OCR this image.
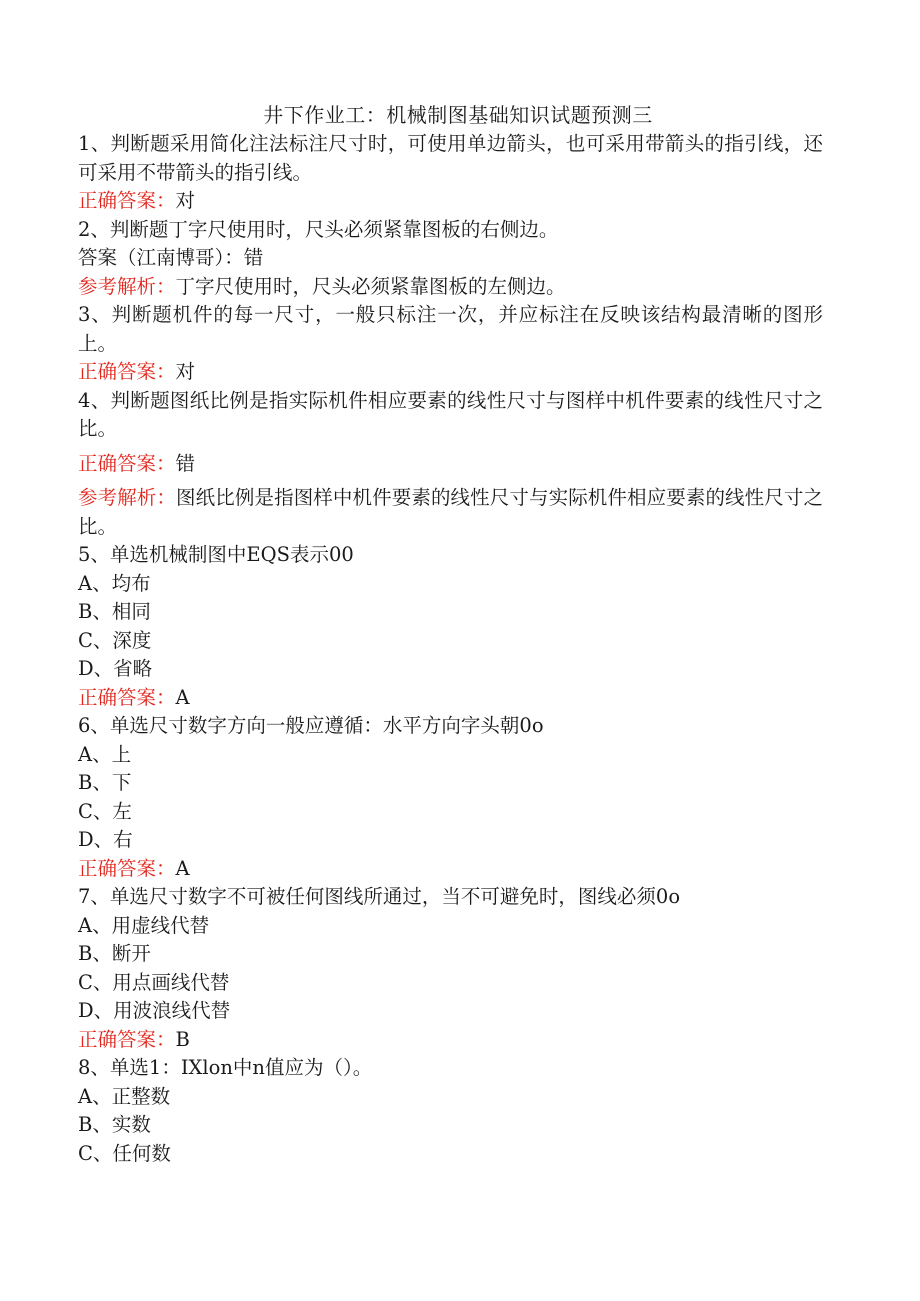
井下作业工：机械制图基础知识试题预测三

1、判断题采用简化注法标注尺寸时，可使用单边箭头，也可采用带箭头的指引线，还可采用不带箭头的指引线。

正确答案：对

2、判断题丁字尺使用时，尺头必须紧靠图板的右侧边。

答案（江南博哥）：错

参考解析：丁字尺使用时，尺头必须紧靠图板的左侧边。

3、判断题机件的每一尺寸，一般只标注一次，并应标注在反映该结构最清晰的图形上。

正确答案：对

4、判断题图纸比例是指实际机件相应要素的线性尺寸与图样中机件要素的线性尺寸之比。

正确答案：错

参考解析：图纸比例是指图样中机件要素的线性尺寸与实际机件相应要素的线性尺寸之比。

5、单选机械制图中EQS表示00

A、均布

B、相同

C、深度

D、省略

正确答案：A

6、单选尺寸数字方向一般应遵循：水平方向字头朝0o

A、上

B、下

C、左

D、右

正确答案：A

7、单选尺寸数字不可被任何图线所通过，当不可避免时，图线必须0o

A、用虚线代替

B、断开

C、用点画线代替

D、用波浪线代替

正确答案：B

8、单选1：IXlon中n值应为（）。

A、正整数

B、实数

C、任何数
